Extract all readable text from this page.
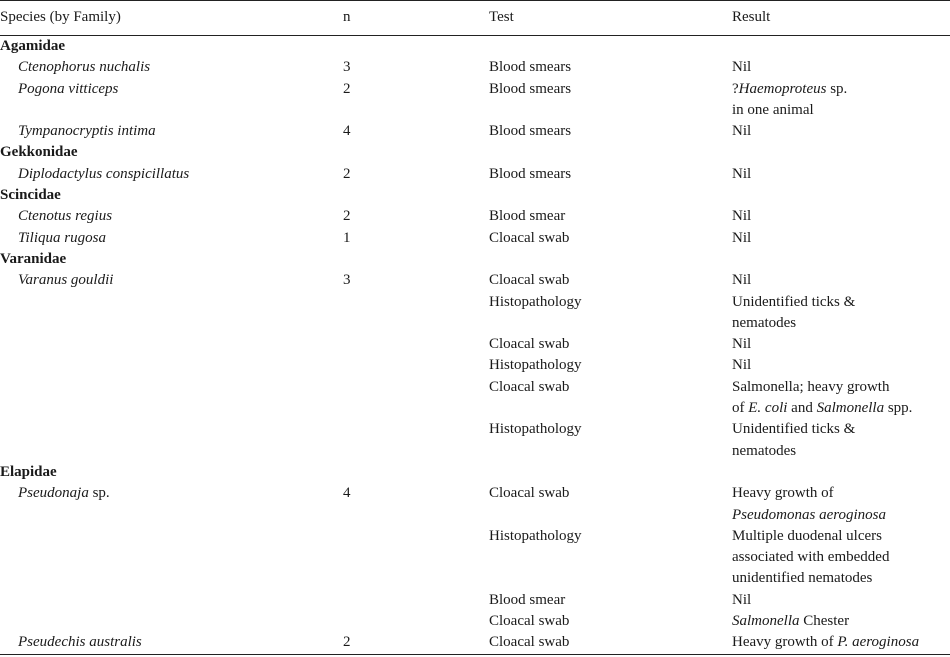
Species (by Family)	n	Test	Result
Agamidae			
Ctenophorus nuchalis	3	Blood smears	Nil
Pogona vitticeps	2	Blood smears	?Haemoproteus sp.
in one animal
Tympanocryptis intima	4	Blood smears	Nil
Gekkonidae			
Diplodactylus conspicillatus	2	Blood smears	Nil
Scincidae			
Ctenotus regius	2	Blood smear	Nil
Tiliqua rugosa	1	Cloacal swab	Nil
Varanidae			
Varanus gouldii	3	Cloacal swab	Nil
		Histopathology	Unidentified ticks &
nematodes
		Cloacal swab	Nil
		Histopathology	Nil
		Cloacal swab	Salmonella; heavy growth
of E. coli and Salmonella spp.
		Histopathology	Unidentified ticks &
nematodes
Elapidae			
Pseudonaja sp.	4	Cloacal swab	Heavy growth of
Pseudomonas aeroginosa
		Histopathology	Multiple duodenal ulcers
associated with embedded
unidentified nematodes
		Blood smear	Nil
		Cloacal swab	Salmonella Chester
Pseudechis australis	2	Cloacal swab	Heavy growth of P. aeroginosa
